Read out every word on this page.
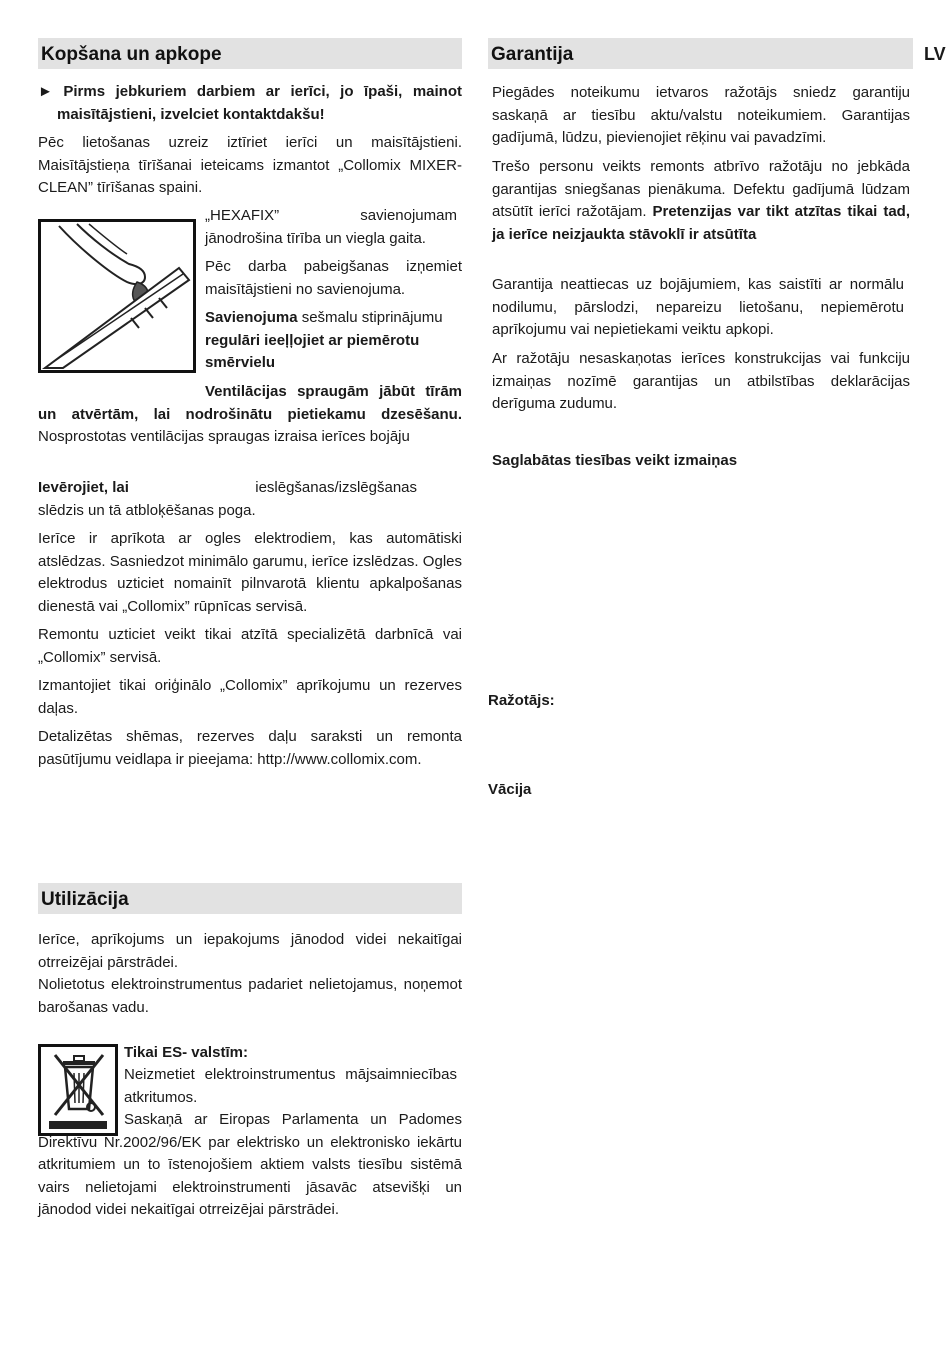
LV
Kopšana un apkope
► Pirms jebkuriem darbiem ar ierīci, jo īpaši, mainot
maisītājstieni, izvelciet kontaktdakšu!
Pēc lietošanas uzreiz iztīriet ierīci un maisītājstieni. Maisītājstieņa tīrīšanai ieteicams izmantot „Collomix MIXER-CLEAN” tīrīšanas spaini.
„HEXAFIX” savienojumam jānodrošina tīrība un viegla gaita.
Pēc darba pabeigšanas izņemiet maisītājstieni no savienojuma.
Savienojuma sešmalu stiprinājumu regulāri ieeļļojiet ar piemērotu smērvielu
Ventilācijas spraugām jābūt tīrām un atvērtām, lai nodrošinātu pietiekamu dzesēšanu. Nosprostotas ventilācijas spraugas izraisa ierīces bojāju
Ievērojiet, lai	ieslēgšanas/izslēgšanas slēdzis un tā atbloķēšanas poga.
Ierīce ir aprīkota ar ogles elektrodiem, kas automātiski atslēdzas. Sasniedzot minimālo garumu, ierīce izslēdzas. Ogles elektrodus uzticiet nomainīt pilnvarotā klientu apkalpošanas dienestā vai „Collomix” rūpnīcas servisā.
Remontu uzticiet veikt tikai atzītā specializētā darbnīcā vai „Collomix” servisā.
Izmantojiet tikai oriģinālo „Collomix” aprīkojumu un rezerves daļas.
Detalizētas shēmas, rezerves daļu saraksti un remonta pasūtījumu veidlapa ir pieejama: http://www.collomix.com.
Utilizācija
Ierīce, aprīkojums un iepakojums jānodod videi nekaitīgai otrreizējai pārstrādei.
Nolietotus elektroinstrumentus padariet nelietojamus, noņemot barošanas vadu.
Tikai ES- valstīm:
Neizmetiet elektroinstrumentus mājsaimniecības atkritumos.
Saskaņā ar Eiropas Parlamenta un Padomes Direktīvu Nr.2002/96/EK par elektrisko un elektronisko iekārtu atkritumiem un to īstenojošiem aktiem valsts tiesību sistēmā vairs nelietojami elektroinstrumenti jāsavāc atsevišķi un jānodod videi nekaitīgai otrreizējai pārstrādei.
Garantija
Piegādes noteikumu ietvaros ražotājs sniedz garantiju saskaņā ar tiesību aktu/valstu noteikumiem. Garantijas gadījumā, lūdzu, pievienojiet rēķinu vai pavadzīmi.
Trešo personu veikts remonts atbrīvo ražotāju no jebkāda garantijas sniegšanas pienākuma. Defektu gadījumā lūdzam atsūtīt ierīci ražotājam. Pretenzijas var tikt atzītas tikai tad, ja ierīce neizjaukta stāvoklī ir atsūtīta
Garantija neattiecas uz bojājumiem, kas saistīti ar normālu nodilumu, pārslodzi, nepareizu lietošanu, nepiemērotu aprīkojumu vai nepietiekami veiktu apkopi.
Ar ražotāju nesaskaņotas ierīces konstrukcijas vai funkciju izmaiņas nozīmē garantijas un atbilstības deklarācijas derīguma zudumu.
Saglabātas tiesības veikt izmaiņas
Ražotājs:
Vācija
